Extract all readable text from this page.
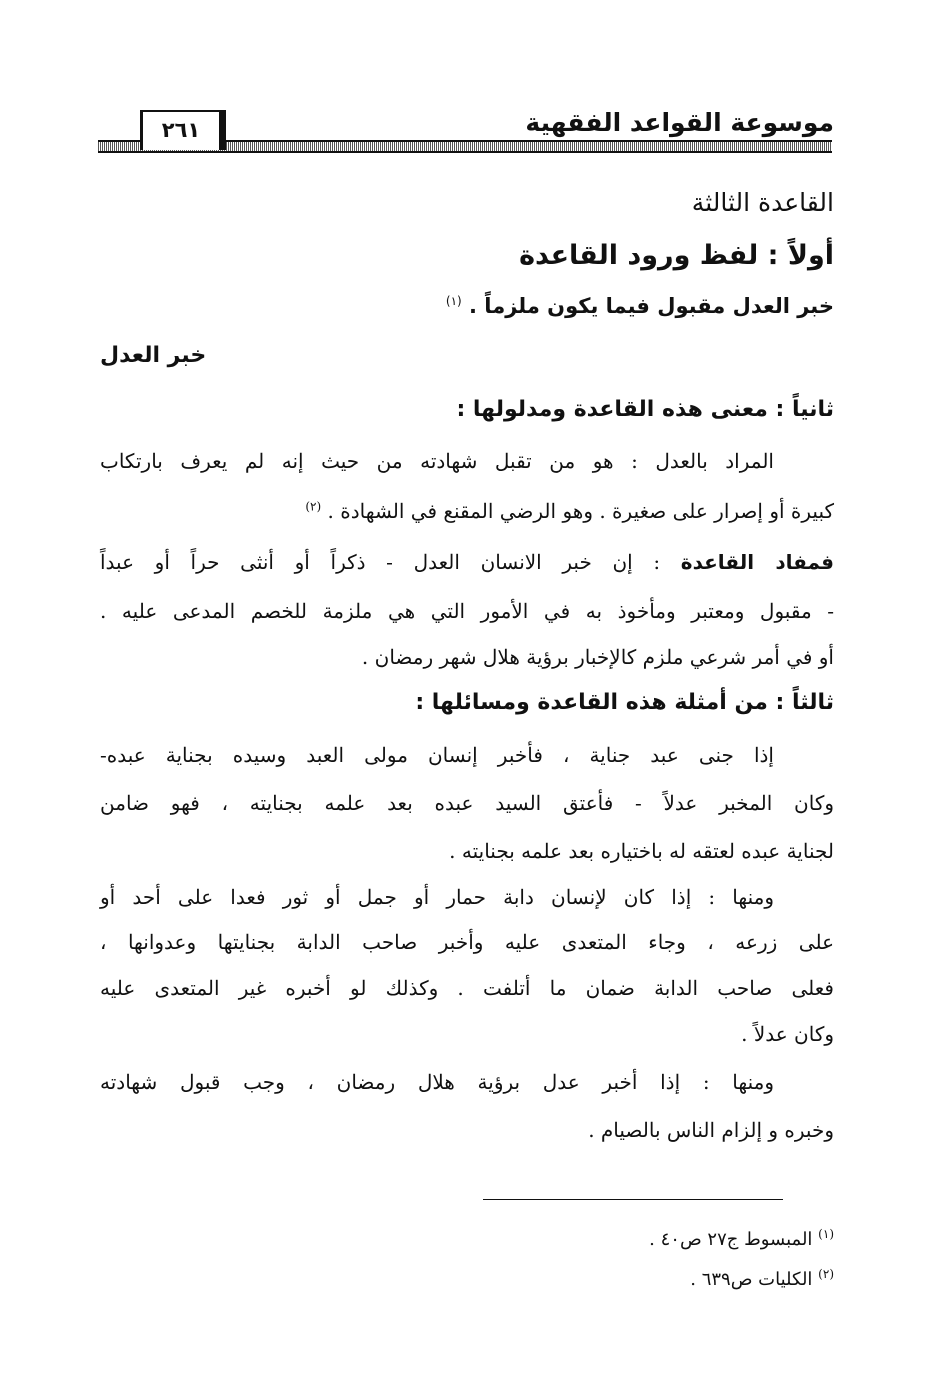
موسوعة القواعد الفقهية
٢٦١
القاعدة الثالثة
أولاً : لفظ ورود القاعدة
خبر العدل مقبول فيما يكون ملزماً . $^{(١)}$
خبر العدل
ثانياً : معنى هذه القاعدة ومدلولها :
المراد بالعدل : هو من تقبل شهادته من حيث إنه لم يعرف بارتكاب
كبيرة أو إصرار على صغيرة . وهو الرضي المقنع في الشهادة . $^{(٢)}$
فمفاد القاعدة : إن خبر الانسان العدل - ذكراً أو أنثى حراً أو عبداً
- مقبول ومعتبر ومأخوذ به في الأمور التي هي ملزمة للخصم المدعى عليه .
أو في أمر شرعي ملزم كالإخبار برؤية هلال شهر رمضان .
ثالثاً : من أمثلة هذه القاعدة ومسائلها :
إذا جنى عبد جناية ، فأخبر إنسان مولى العبد وسيده بجناية عبده-
وكان المخبر عدلاً - فأعتق السيد عبده بعد علمه بجنايته ، فهو ضامن
لجناية عبده لعتقه له باختياره بعد علمه بجنايته .
ومنها : إذا كان لإنسان دابة حمار أو جمل أو ثور فعدا على أحد أو
على زرعه ، وجاء المتعدى عليه وأخبر صاحب الدابة بجنايتها وعدوانها ،
فعلى صاحب الدابة ضمان ما أتلفت . وكذلك لو أخبره غير المتعدى عليه
وكان عدلاً .
ومنها : إذا أخبر عدل برؤية هلال رمضان ، وجب قبول شهادته
وخبره و إلزام الناس بالصيام .
$^{(١)}$ المبسوط ج٢٧ ص٤٠ .
$^{(٢)}$ الكليات ص٦٣٩ .
